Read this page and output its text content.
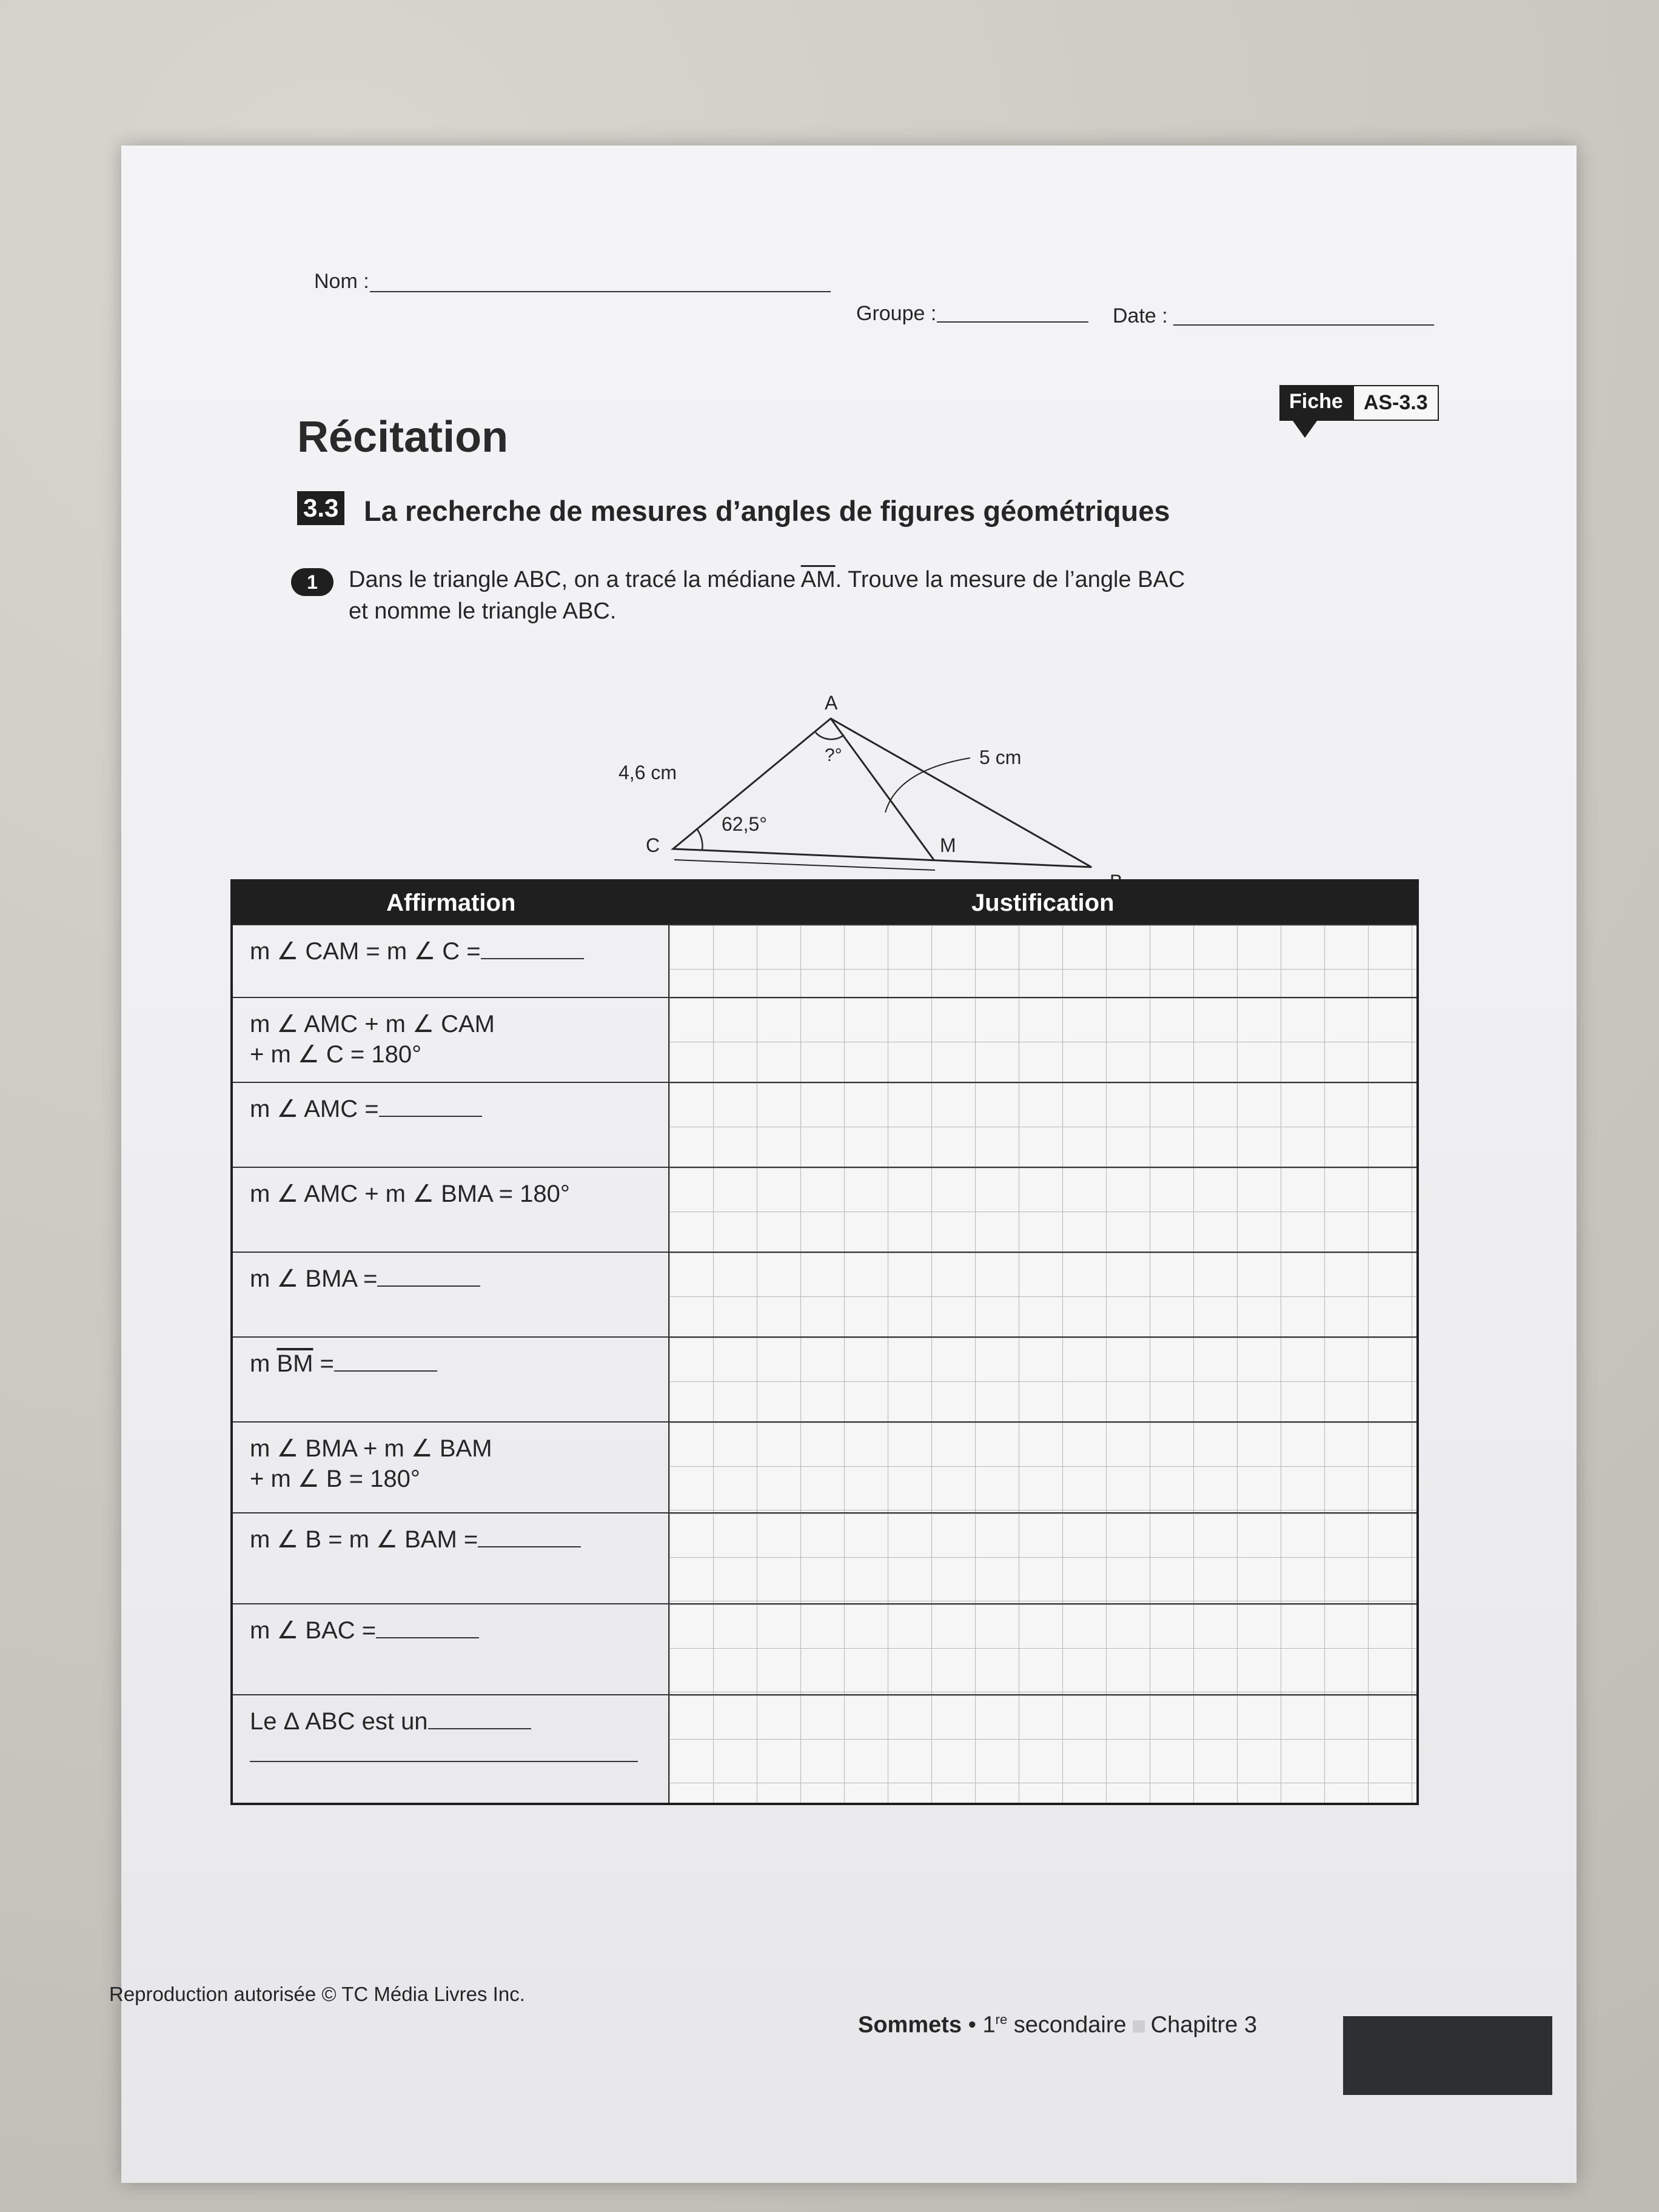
Nom :
Groupe :	Date :
Fiche	AS-3.3
Récitation
3.3 La recherche de mesures d’angles de figures géométriques
1	Dans le triangle ABC, on a tracé la médiane $\overline{AM}$. Trouve la mesure de l’angle BAC
et nomme le triangle ABC.
A
C	M
4,6 cm
62,5°
?°	5 cm
Affirmation	Justification
m ∠ CAM = m ∠ C =	
m ∠ AMC + m ∠ CAM
+ m ∠ C = 180°	
m ∠ AMC =	
m ∠ AMC + m ∠ BMA = 180°	
m ∠ BMA =	
m $\overline{BM}$ =	
m ∠ BMA + m ∠ BAM
+ m ∠ B = 180°	
m ∠ B = m ∠ BAM =	
m ∠ BAC =	
Le Δ ABC est un

Reproduction autorisée © TC Média Livres Inc.
Sommets • 1re secondaire Chapitre 3
